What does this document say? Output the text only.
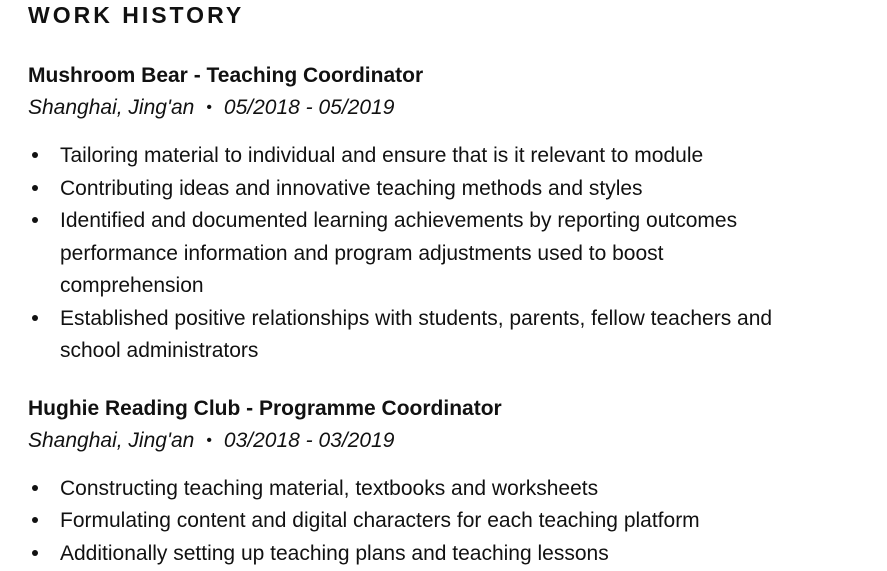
WORK HISTORY
Mushroom Bear - Teaching Coordinator

Shanghai, Jing'an • 05/2018 - 05/2019

Tailoring material to individual and ensure that is it relevant to module
Contributing ideas and innovative teaching methods and styles
Identified and documented learning achievements by reporting outcomes performance information and program adjustments used to boost comprehension
Established positive relationships with students, parents, fellow teachers and school administrators
Hughie Reading Club - Programme Coordinator

Shanghai, Jing'an • 03/2018 - 03/2019

Constructing teaching material, textbooks and worksheets
Formulating content and digital characters for each teaching platform
Additionally setting up teaching plans and teaching lessons
